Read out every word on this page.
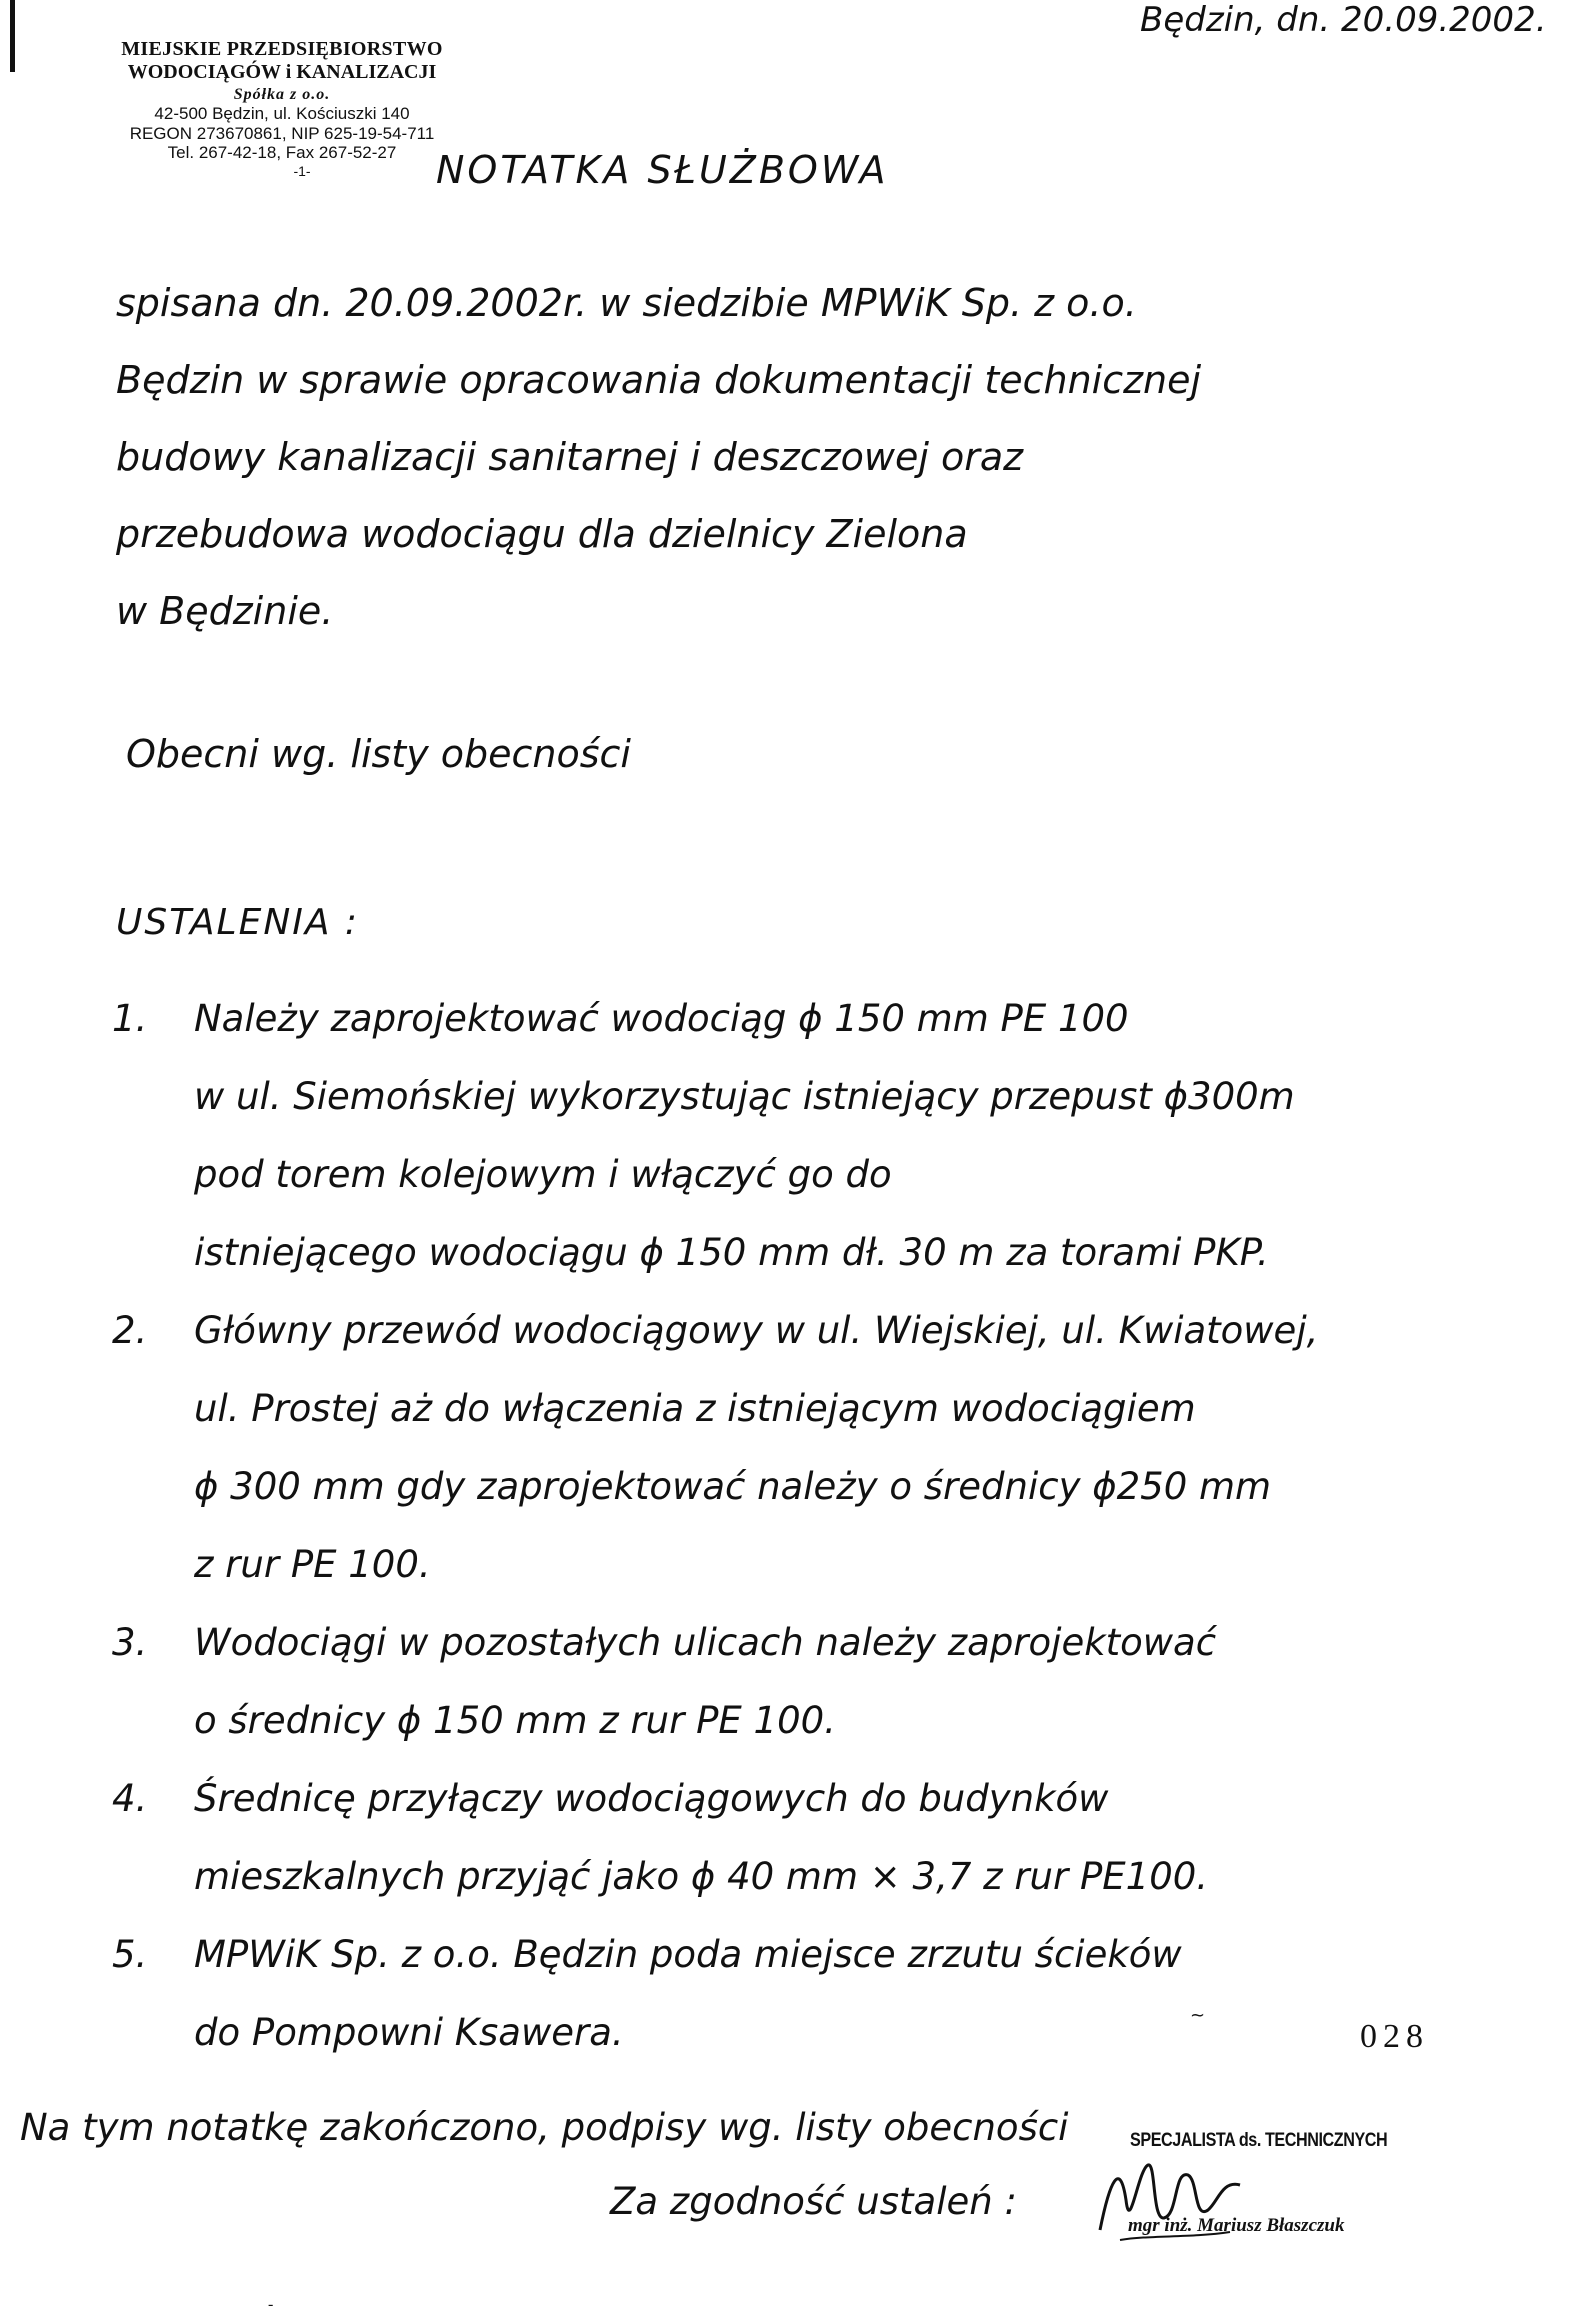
MIEJSKIE PRZEDSIĘBIORSTWO
WODOCIĄGÓW i KANALIZACJI
Spółka z o.o.
42-500 Będzin, ul. Kościuszki 140
REGON 273670861, NIP 625-19-54-711
Tel. 267-42-18, Fax 267-52-27
-1-
Będzin, dn. 20.09.2002.
NOTATKA SŁUŻBOWA
spisana dn. 20.09.2002r. w siedzibie MPWiK Sp. z o.o.
Będzin w sprawie opracowania dokumentacji technicznej
budowy kanalizacji sanitarnej i deszczowej oraz
przebudowa wodociągu dla dzielnicy Zielona
w Będzinie.
Obecni wg. listy obecności
USTALENIA :
1.	Należy zaprojektować wodociąg ϕ 150 mm PE 100
w ul. Siemońskiej wykorzystując istniejący przepust ϕ300m
pod torem kolejowym i włączyć go do
istniejącego wodociągu ϕ 150 mm dł. 30 m za torami PKP.
2.	Główny przewód wodociągowy w ul. Wiejskiej, ul. Kwiatowej,
ul. Prostej aż do włączenia z istniejącym wodociągiem
ϕ 300 mm gdy zaprojektować należy o średnicy ϕ250 mm
z rur PE 100.
3.	Wodociągi w pozostałych ulicach należy zaprojektować
o średnicy ϕ 150 mm z rur PE 100.
4.	Średnicę przyłączy wodociągowych do budynków
mieszkalnych przyjąć jako ϕ 40 mm × 3,7 z rur PE100.
5.	MPWiK Sp. z o.o. Będzin poda miejsce zrzutu ścieków
do Pompowni Ksawera.	~
028
Na tym notatkę zakończono, podpisy wg. listy obecności
Za zgodność ustaleń :
SPECJALISTA ds. TECHNICZNYCH
mgr inż. Mariusz Błaszczuk
-
